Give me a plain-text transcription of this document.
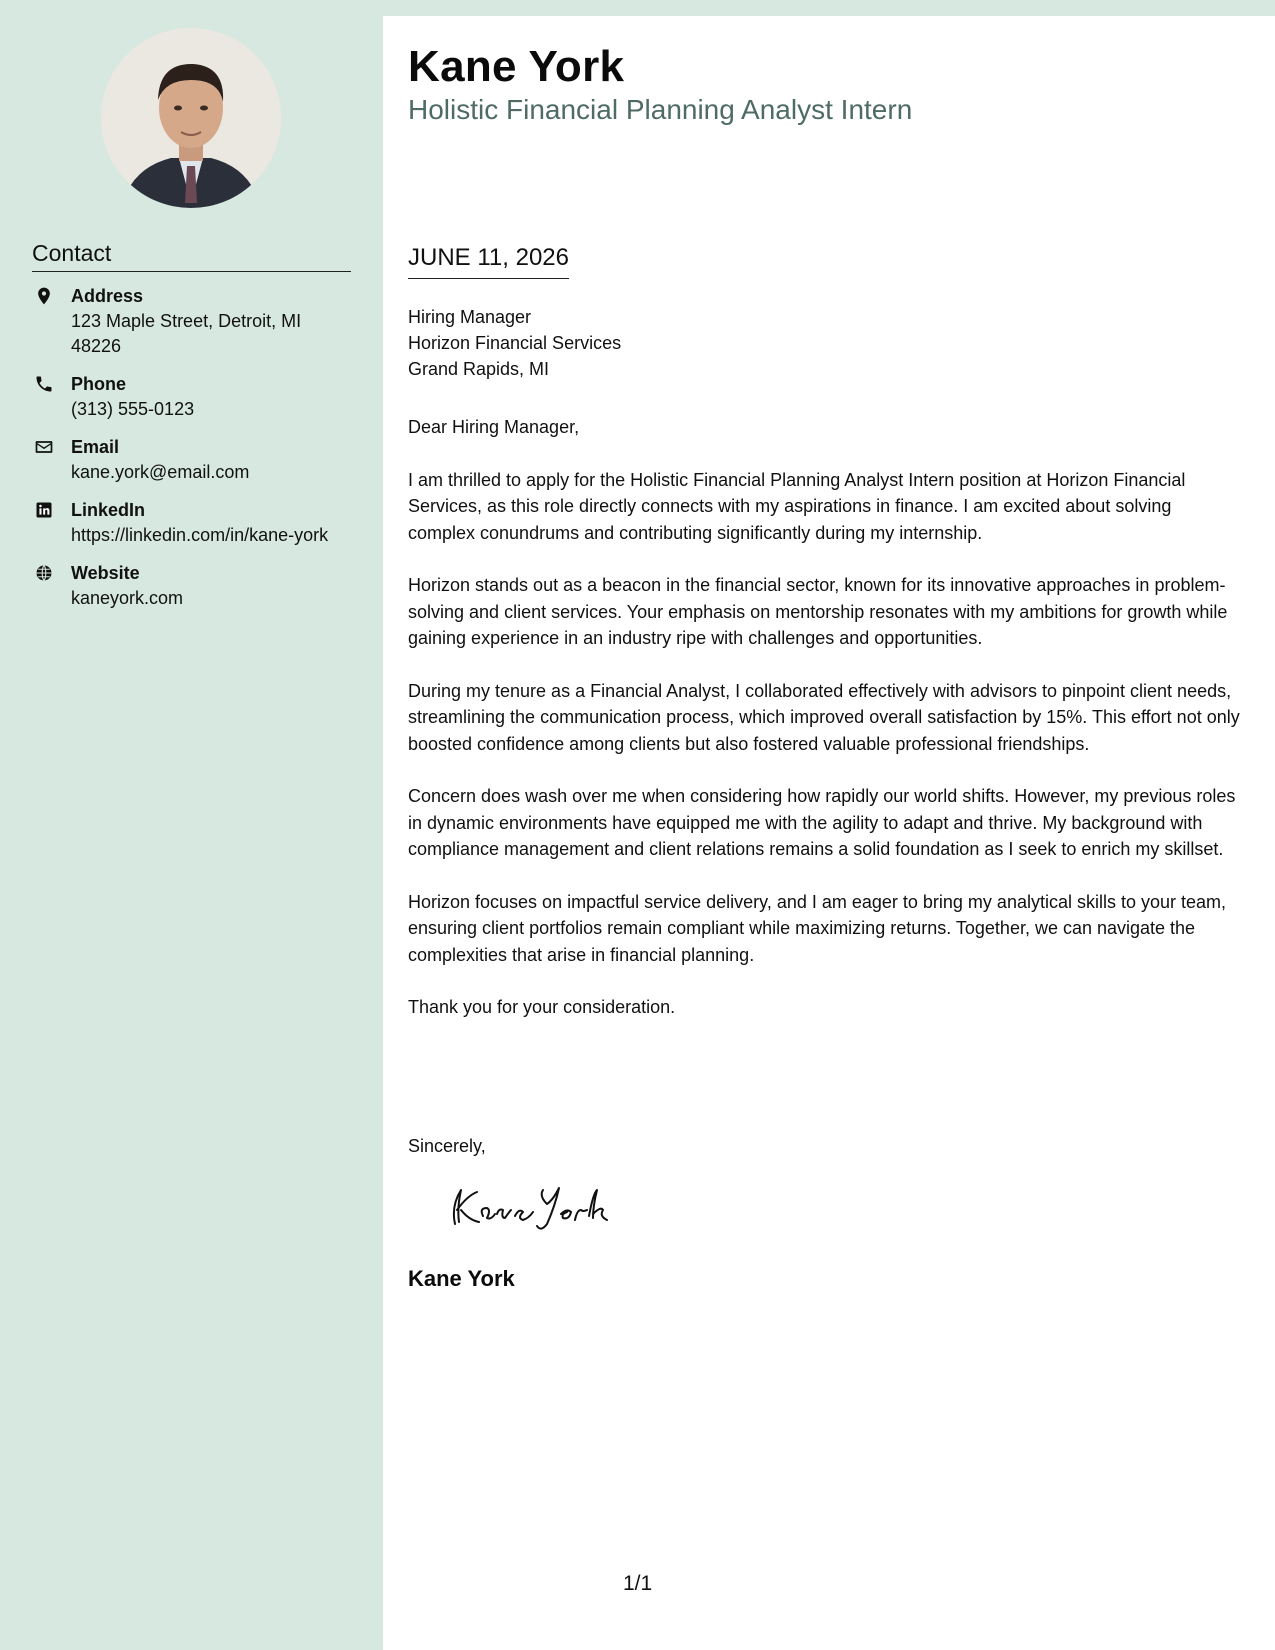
Contact
Address
123 Maple Street, Detroit, MI
48226
Phone
(313) 555-0123
Email
kane.york@email.com
LinkedIn
https://linkedin.com/in/kane-york
Website
kaneyork.com
Kane York
Holistic Financial Planning Analyst Intern
JUNE 11, 2026
Hiring Manager
Horizon Financial Services
Grand Rapids, MI

Dear Hiring Manager,

I am thrilled to apply for the Holistic Financial Planning Analyst Intern position at Horizon Financial Services, as this role directly connects with my aspirations in finance. I am excited about solving complex conundrums and contributing significantly during my internship.

Horizon stands out as a beacon in the financial sector, known for its innovative approaches in problem-solving and client services. Your emphasis on mentorship resonates with my ambitions for growth while gaining experience in an industry ripe with challenges and opportunities.

During my tenure as a Financial Analyst, I collaborated effectively with advisors to pinpoint client needs, streamlining the communication process, which improved overall satisfaction by 15%. This effort not only boosted confidence among clients but also fostered valuable professional friendships.

Concern does wash over me when considering how rapidly our world shifts. However, my previous roles in dynamic environments have equipped me with the agility to adapt and thrive. My background with compliance management and client relations remains a solid foundation as I seek to enrich my skillset.

Horizon focuses on impactful service delivery, and I am eager to bring my analytical skills to your team, ensuring client portfolios remain compliant while maximizing returns. Together, we can navigate the complexities that arise in financial planning.

Thank you for your consideration.

Sincerely,
Kane York
1/1
